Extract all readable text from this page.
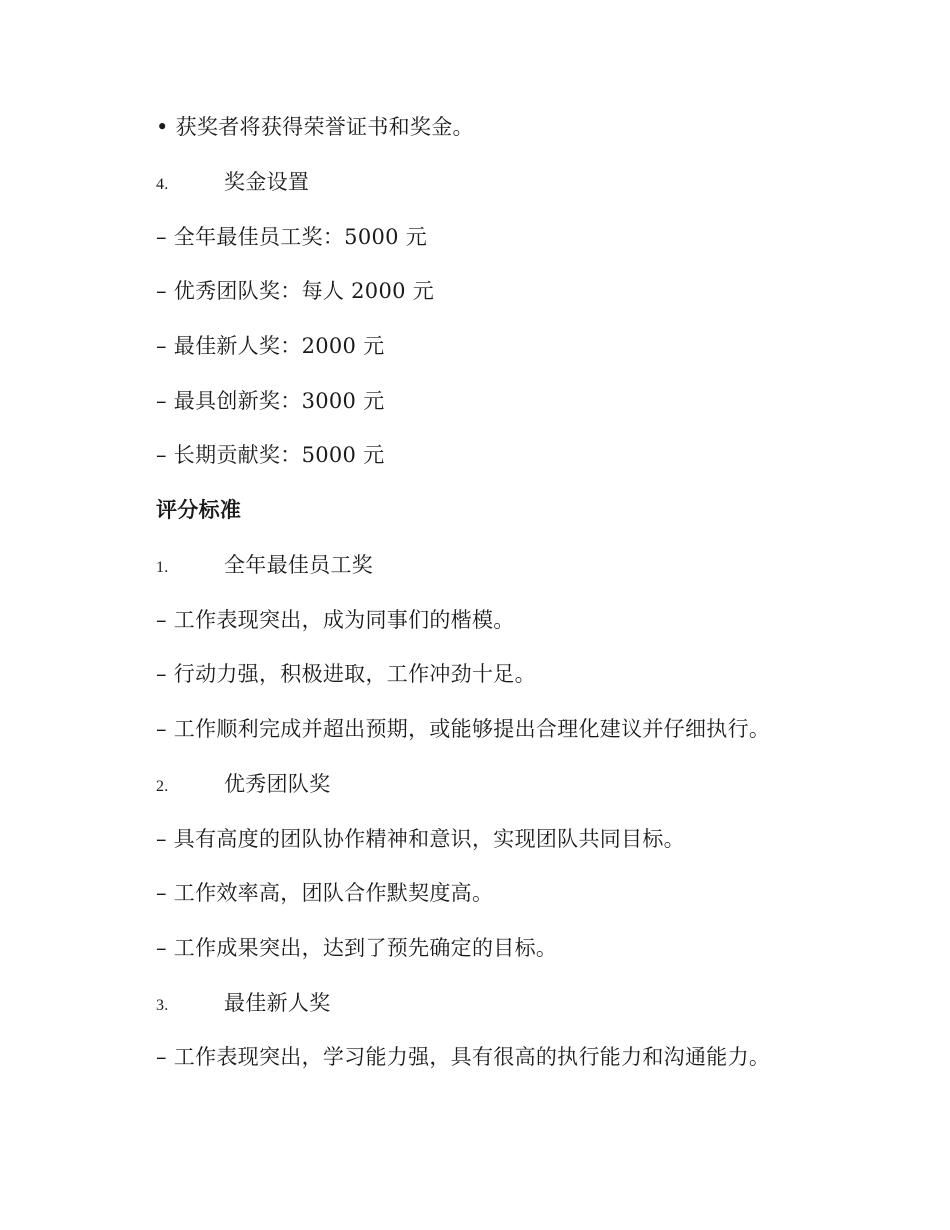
• 获奖者将获得荣誉证书和奖金。
4.	奖金设置
– 全年最佳员工奖：5000 元
– 优秀团队奖：每人 2000 元
– 最佳新人奖：2000 元
– 最具创新奖：3000 元
– 长期贡献奖：5000 元
评分标准
1.	全年最佳员工奖
– 工作表现突出，成为同事们的楷模。
– 行动力强，积极进取，工作冲劲十足。
– 工作顺利完成并超出预期，或能够提出合理化建议并仔细执行。
2.	优秀团队奖
– 具有高度的团队协作精神和意识，实现团队共同目标。
– 工作效率高，团队合作默契度高。
– 工作成果突出，达到了预先确定的目标。
3.	最佳新人奖
– 工作表现突出，学习能力强，具有很高的执行能力和沟通能力。
